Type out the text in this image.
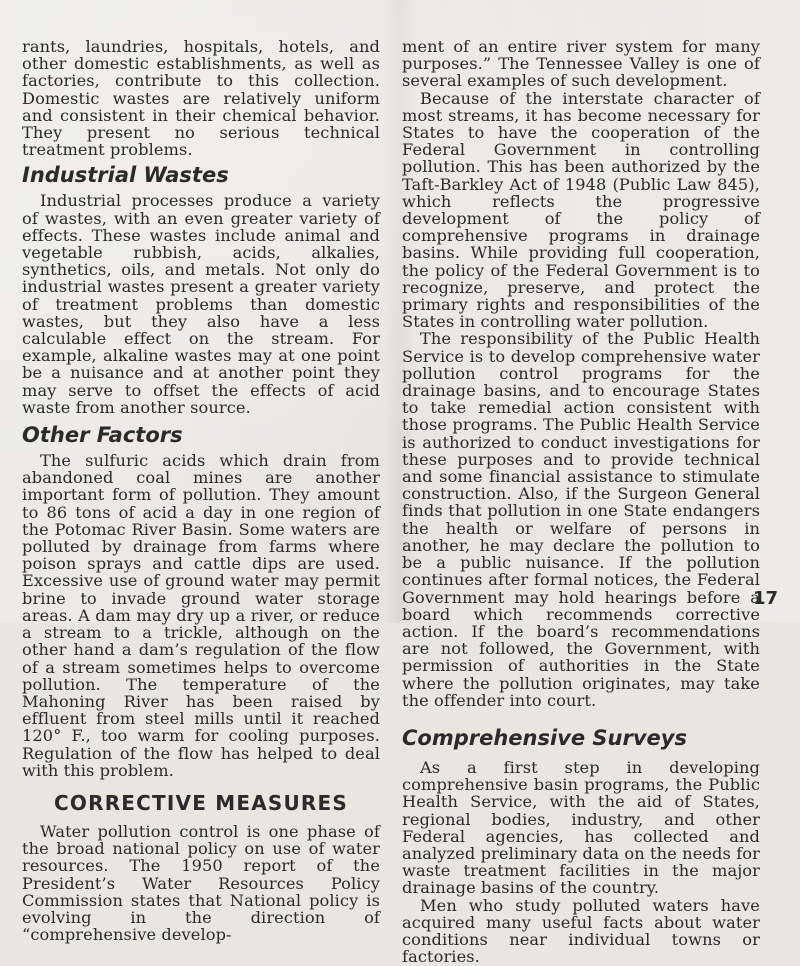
rants, laundries, hospitals, hotels, and other domestic establishments, as well as factories, contribute to this collection. Domestic wastes are relatively uniform and consistent in their chemical behavior. They present no serious technical treatment problems.

Industrial Wastes

Industrial processes produce a variety of wastes, with an even greater variety of effects. These wastes include animal and vegetable rubbish, acids, alkalies, synthetics, oils, and metals. Not only do industrial wastes present a greater variety of treatment problems than domestic wastes, but they also have a less calculable effect on the stream. For example, alkaline wastes may at one point be a nuisance and at another point they may serve to offset the effects of acid waste from another source.

Other Factors

The sulfuric acids which drain from abandoned coal mines are another important form of pollution. They amount to 86 tons of acid a day in one region of the Potomac River Basin. Some waters are polluted by drainage from farms where poison sprays and cattle dips are used. Excessive use of ground water may permit brine to invade ground water storage areas. A dam may dry up a river, or reduce a stream to a trickle, although on the other hand a dam’s regulation of the flow of a stream sometimes helps to overcome pollution. The temperature of the Mahoning River has been raised by effluent from steel mills until it reached 120° F., too warm for cooling purposes. Regulation of the flow has helped to deal with this problem.

CORRECTIVE MEASURES

Water pollution control is one phase of the broad national policy on use of water resources. The 1950 report of the President’s Water Resources Policy Commission states that National policy is evolving in the direction of “comprehensive develop-

ment of an entire river system for many purposes.” The Tennessee Valley is one of several examples of such development.

Because of the interstate character of most streams, it has become necessary for States to have the cooperation of the Federal Government in controlling pollution. This has been authorized by the Taft-Barkley Act of 1948 (Public Law 845), which reflects the progressive development of the policy of comprehensive programs in drainage basins. While providing full cooperation, the policy of the Federal Government is to recognize, preserve, and protect the primary rights and responsibilities of the States in controlling water pollution.

The responsibility of the Public Health Service is to develop comprehensive water pollution control programs for the drainage basins, and to encourage States to take remedial action consistent with those programs. The Public Health Service is authorized to conduct investigations for these purposes and to provide technical and some financial assistance to stimulate construction. Also, if the Surgeon General finds that pollution in one State endangers the health or welfare of persons in another, he may declare the pollution to be a public nuisance. If the pollution continues after formal notices, the Federal Government may hold hearings before a board which recommends corrective action. If the board’s recommendations are not followed, the Government, with permission of authorities in the State where the pollution originates, may take the offender into court.

Comprehensive Surveys

As a first step in developing comprehensive basin programs, the Public Health Service, with the aid of States, regional bodies, industry, and other Federal agencies, has collected and analyzed preliminary data on the needs for waste treatment facilities in the major drainage basins of the country.

Men who study polluted waters have acquired many useful facts about water conditions near individual towns or factories.

17
